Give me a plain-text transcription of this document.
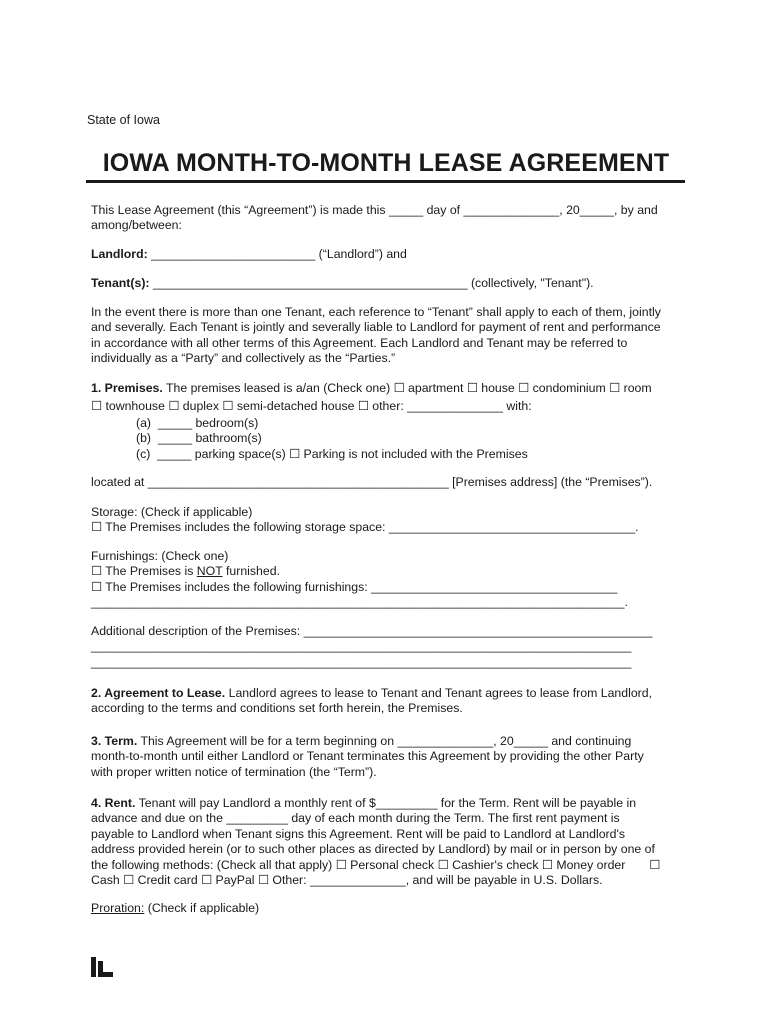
State of Iowa
IOWA MONTH-TO-MONTH LEASE AGREEMENT
This Lease Agreement (this “Agreement”) is made this _____ day of ______________, 20_____, by and
among/between:
Landlord: ________________________ (“Landlord”) and
Tenant(s): ______________________________________________ (collectively, "Tenant").
In the event there is more than one Tenant, each reference to “Tenant” shall apply to each of them, jointly
and severally. Each Tenant is jointly and severally liable to Landlord for payment of rent and performance
in accordance with all other terms of this Agreement. Each Landlord and Tenant may be referred to
individually as a “Party” and collectively as the “Parties.”
1. Premises. The premises leased is a/an (Check one) ☐ apartment ☐ house ☐ condominium ☐ room
☐ townhouse ☐ duplex ☐ semi-detached house ☐ other: ______________ with:
(a)  _____ bedroom(s)
(b)  _____ bathroom(s)
(c)  _____ parking space(s) ☐ Parking is not included with the Premises
located at ____________________________________________ [Premises address] (the “Premises”).
Storage: (Check if applicable)
☐ The Premises includes the following storage space: ____________________________________.
Furnishings: (Check one)
☐ The Premises is NOT furnished.
☐ The Premises includes the following furnishings: ____________________________________
______________________________________________________________________________.
Additional description of the Premises: ___________________________________________________
_______________________________________________________________________________
_______________________________________________________________________________
2. Agreement to Lease. Landlord agrees to lease to Tenant and Tenant agrees to lease from Landlord,
according to the terms and conditions set forth herein, the Premises.
3. Term. This Agreement will be for a term beginning on ______________, 20_____ and continuing
month-to-month until either Landlord or Tenant terminates this Agreement by providing the other Party
with proper written notice of termination (the “Term”).
4. Rent. Tenant will pay Landlord a monthly rent of $_________ for the Term. Rent will be payable in
advance and due on the _________ day of each month during the Term. The first rent payment is
payable to Landlord when Tenant signs this Agreement. Rent will be paid to Landlord at Landlord's
address provided herein (or to such other places as directed by Landlord) by mail or in person by one of
the following methods: (Check all that apply) ☐ Personal check ☐ Cashier's check ☐ Money order       ☐
Cash ☐ Credit card ☐ PayPal ☐ Other: ______________, and will be payable in U.S. Dollars.
Proration: (Check if applicable)
